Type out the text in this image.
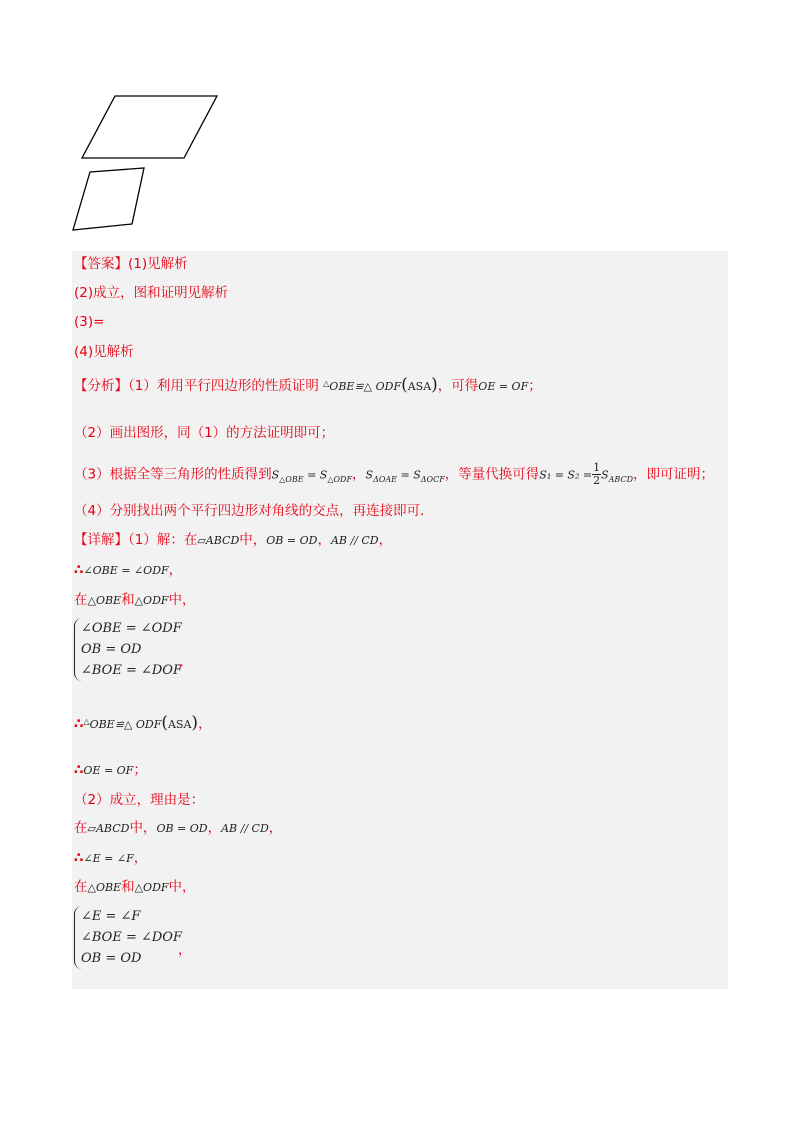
【答案】(1)见解析
(2)成立，图和证明见解析
(3)=
(4)见解析
【分析】（1）利用平行四边形的性质证明 △OBE≌△ ODF(ASA)，可得OE = OF；
（2）画出图形，同（1）的方法证明即可；
（3）根据全等三角形的性质得到$S_{\triangle OBE} = S_{\triangle ODF}$，$S_{\Delta OAE} = S_{\Delta OCF}$，等量代换可得$S_1 = S_2 = \frac{1}{2} S_{ABCD}$，即可证明；
（4）分别找出两个平行四边形对角线的交点，再连接即可．
【详解】（1）解：在▱ABCD中，OB = OD，AB // CD，
∴∠OBE = ∠ODF，
在△OBE和△ODF中，
∠OBE = ∠ODF
OB = OD
∠BOE = ∠DOF
，
∴△OBE≌△ ODF(ASA)，
∴OE = OF；
（2）成立，理由是：
在▱ABCD中，OB = OD，AB // CD，
∴∠E = ∠F，
在△OBE和△ODF中，
∠E = ∠F
∠BOE = ∠DOF
OB = OD
，
